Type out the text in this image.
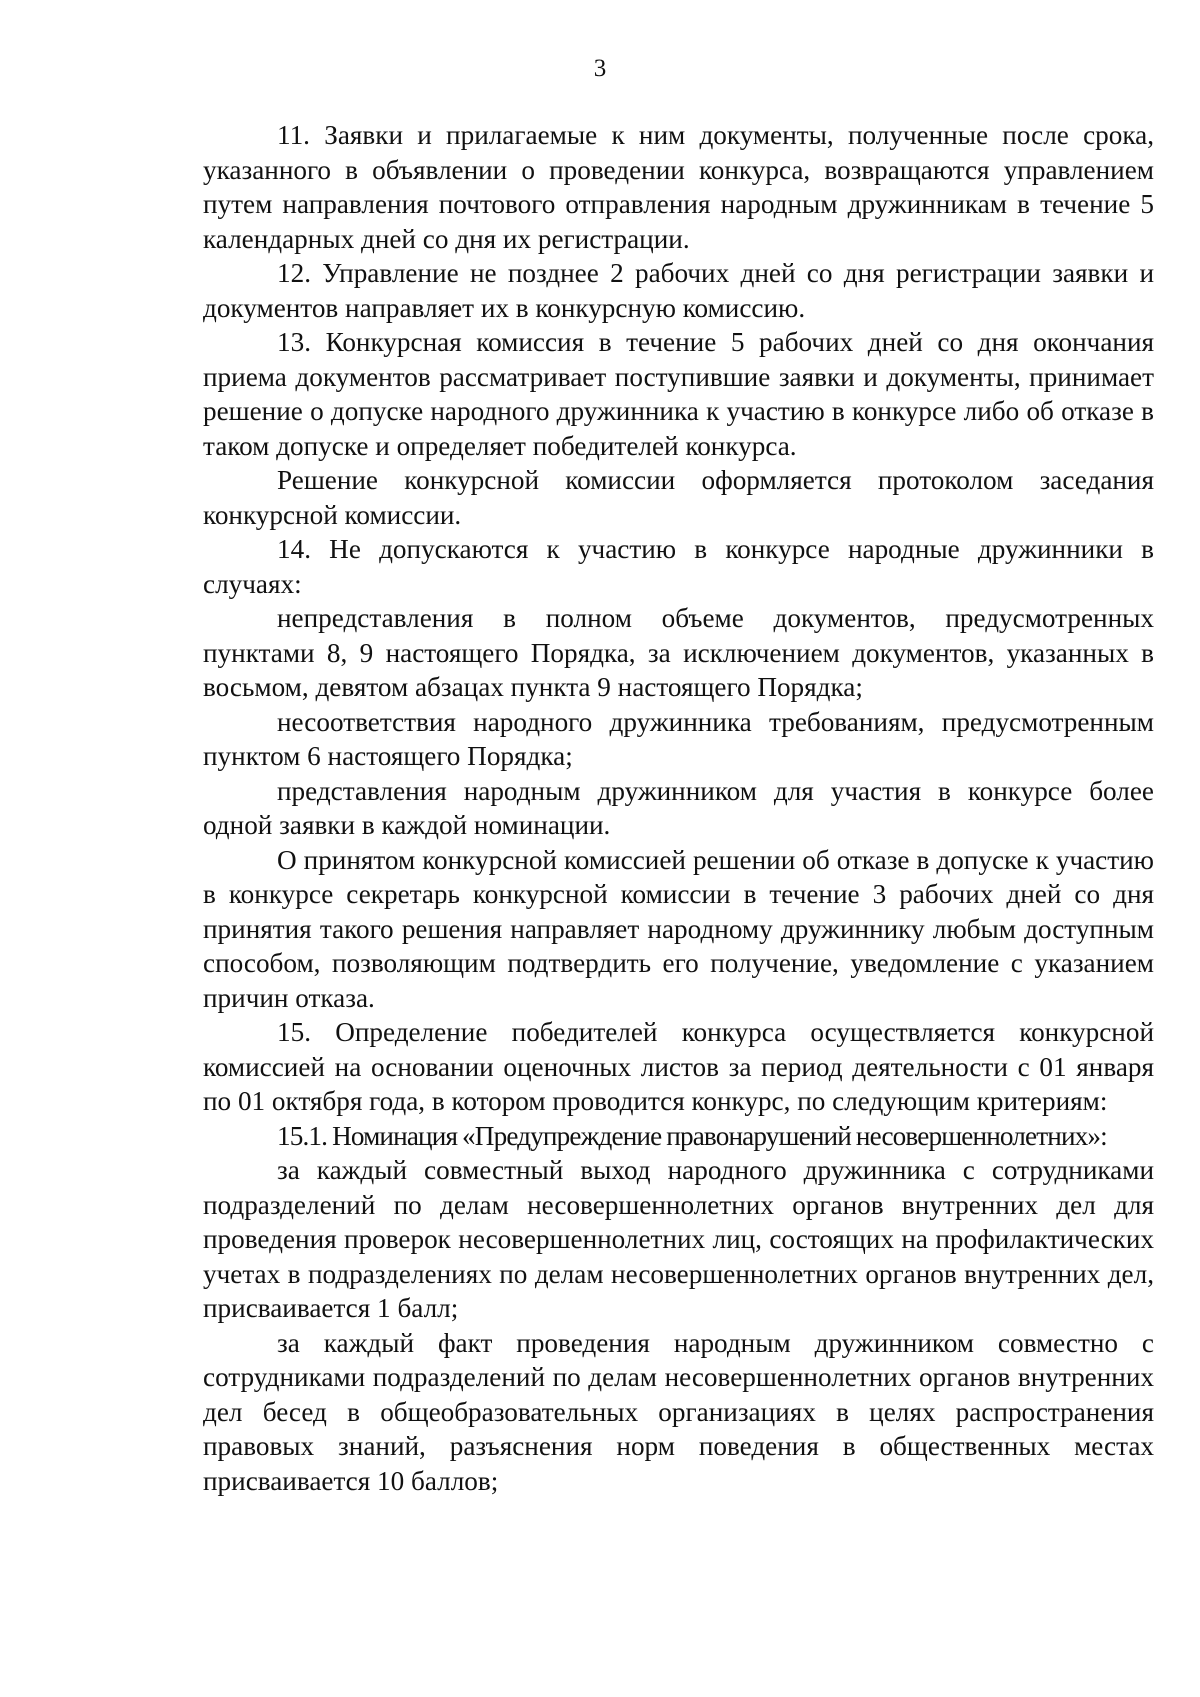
3

11. Заявки и прилагаемые к ним документы, полученные после срока, указанного в объявлении о проведении конкурса, возвращаются управлением путем направления почтового отправления народным дружинникам в течение 5 календарных дней со дня их регистрации.

12. Управление не позднее 2 рабочих дней со дня регистрации заявки и документов направляет их в конкурсную комиссию.

13. Конкурсная комиссия в течение 5 рабочих дней со дня окончания приема документов рассматривает поступившие заявки и документы, принимает решение о допуске народного дружинника к участию в конкурсе либо об отказе в таком допуске и определяет победителей конкурса.

Решение конкурсной комиссии оформляется протоколом заседания конкурсной комиссии.

14. Не допускаются к участию в конкурсе народные дружинники в случаях:

непредставления в полном объеме документов, предусмотренных пунктами 8, 9 настоящего Порядка, за исключением документов, указанных в восьмом, девятом абзацах пункта 9 настоящего Порядка;

несоответствия народного дружинника требованиям, предусмотренным пунктом 6 настоящего Порядка;

представления народным дружинником для участия в конкурсе более одной заявки в каждой номинации.

О принятом конкурсной комиссией решении об отказе в допуске к участию в конкурсе секретарь конкурсной комиссии в течение 3 рабочих дней со дня принятия такого решения направляет народному дружиннику любым доступным способом, позволяющим подтвердить его получение, уведомление с указанием причин отказа.

15. Определение победителей конкурса осуществляется конкурсной комиссией на основании оценочных листов за период деятельности с 01 января по 01 октября года, в котором проводится конкурс, по следующим критериям:

15.1. Номинация «Предупреждение правонарушений несовершеннолетних»:

за каждый совместный выход народного дружинника с сотрудниками подразделений по делам несовершеннолетних органов внутренних дел для проведения проверок несовершеннолетних лиц, состоящих на профилактических учетах в подразделениях по делам несовершеннолетних органов внутренних дел, присваивается 1 балл;

за каждый факт проведения народным дружинником совместно с сотрудниками подразделений по делам несовершеннолетних органов внутренних дел бесед в общеобразовательных организациях в целях распространения правовых знаний, разъяснения норм поведения в общественных местах присваивается 10 баллов;
